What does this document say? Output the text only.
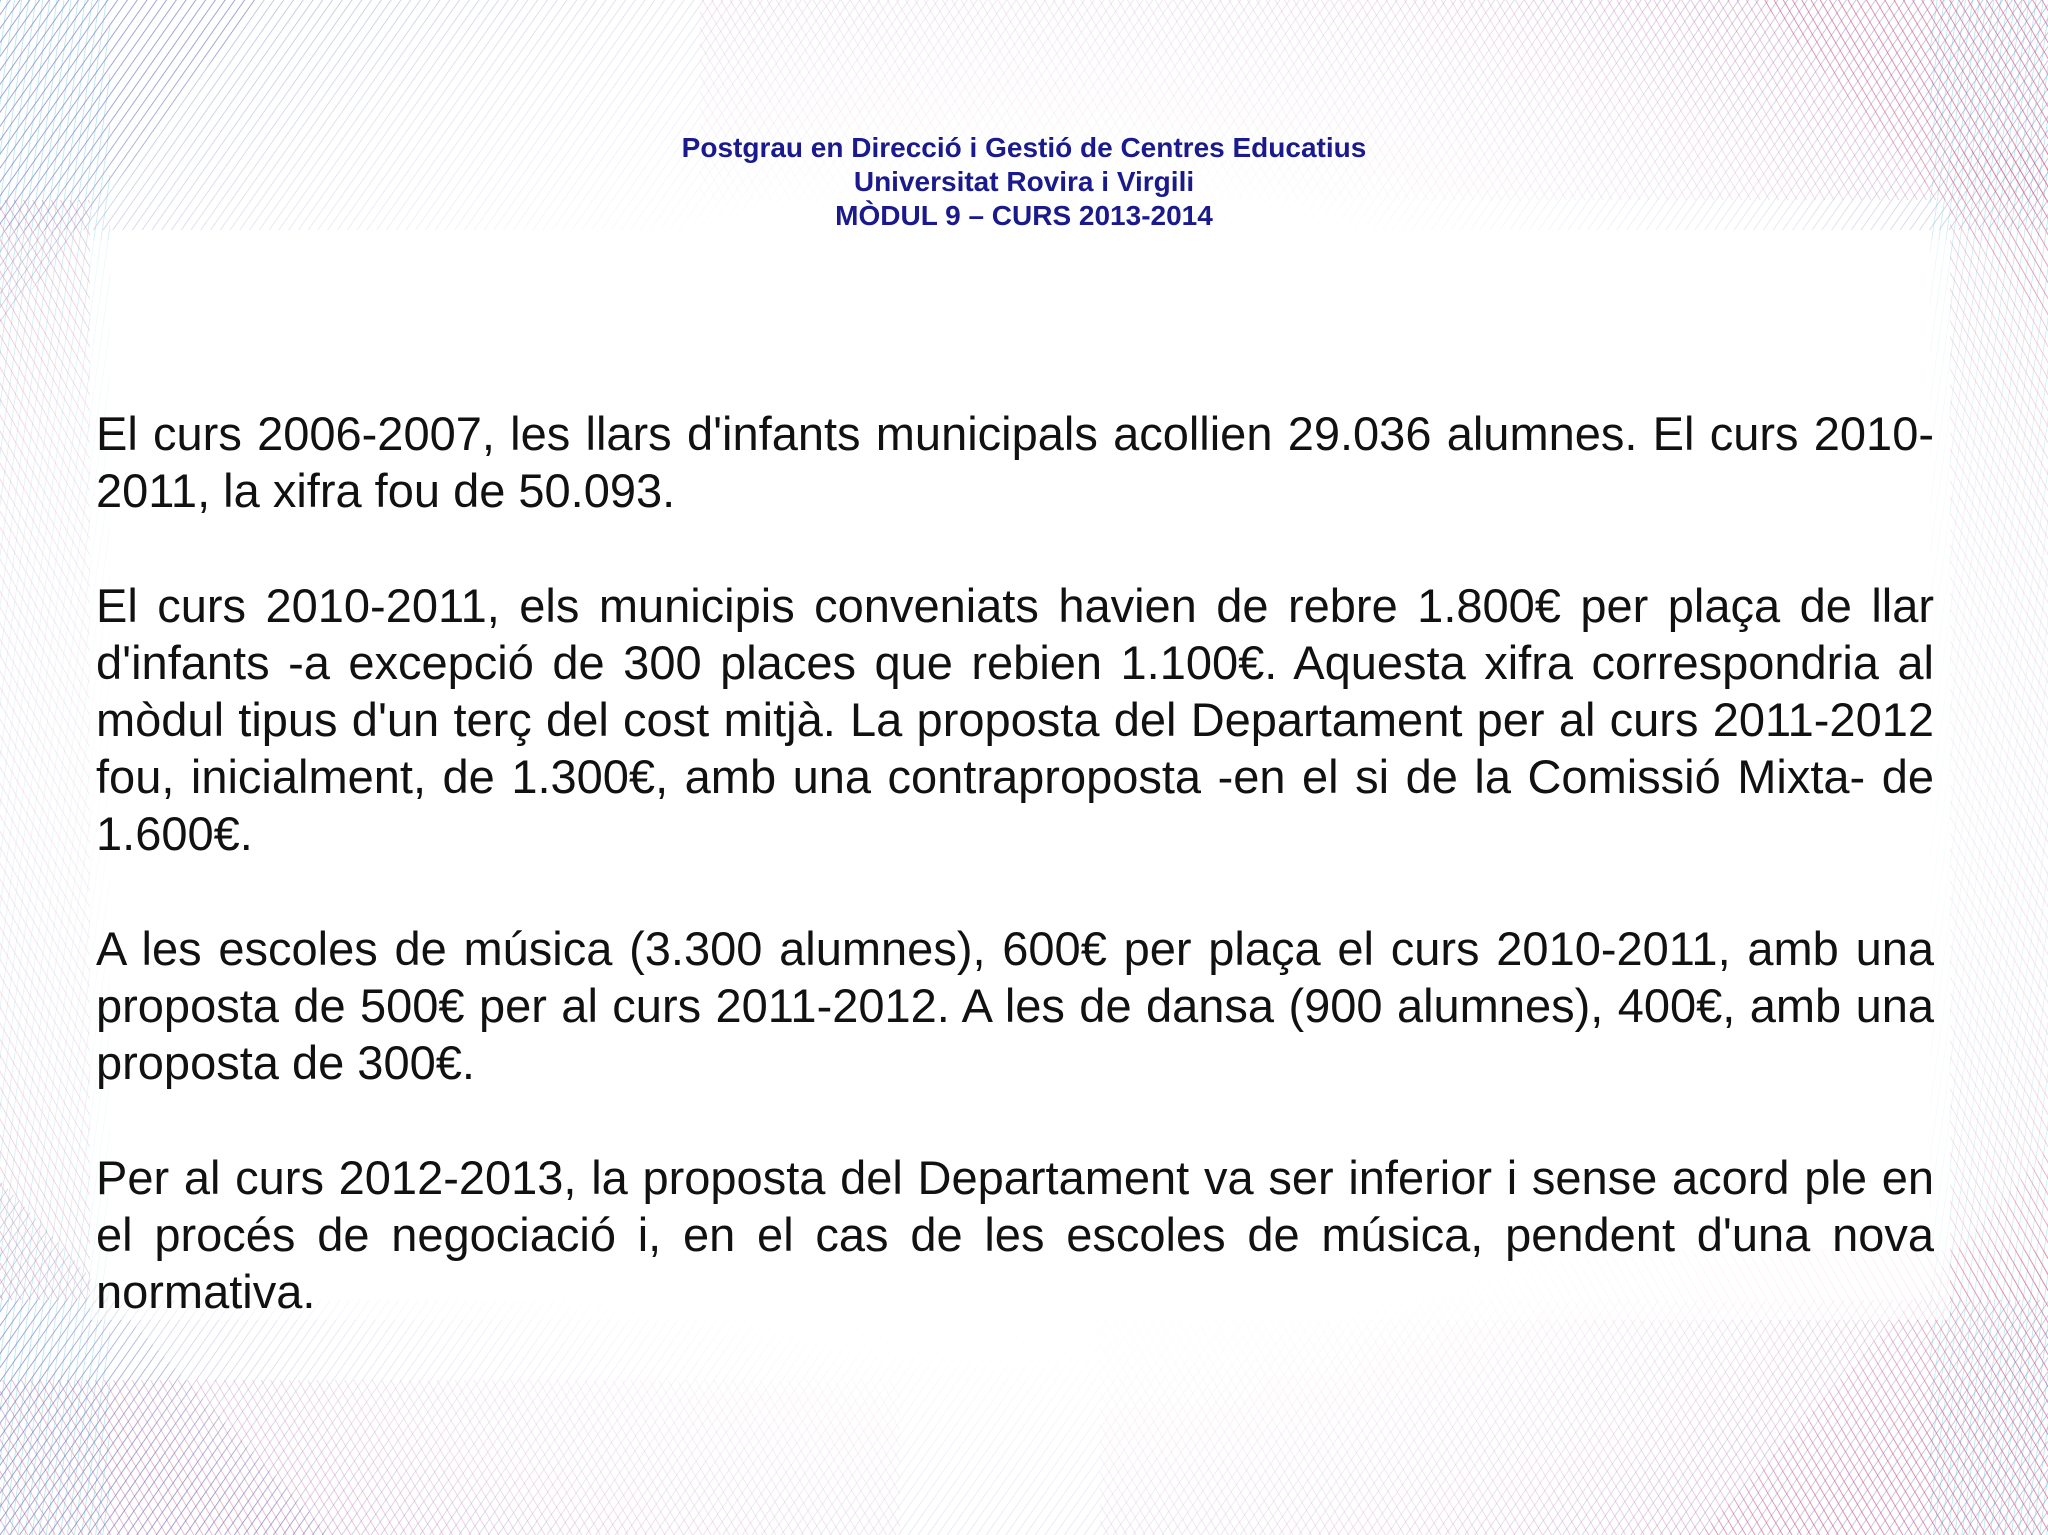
Postgrau en Direcció i Gestió de Centres Educatius
Universitat Rovira i Virgili
MÒDUL 9 – CURS 2013-2014

El curs 2006-2007, les llars d'infants municipals acollien 29.036 alumnes. El curs 2010-2011, la xifra fou de 50.093.

El curs 2010-2011, els municipis conveniats havien de rebre 1.800€ per plaça de llar d'infants -a excepció de 300 places que rebien 1.100€. Aquesta xifra correspondria al mòdul tipus d'un terç del cost mitjà. La proposta del Departament per al curs 2011-2012 fou, inicialment, de 1.300€, amb una contraproposta -en el si de la Comissió Mixta- de 1.600€.

A les escoles de música (3.300 alumnes), 600€ per plaça el curs 2010-2011, amb una proposta de 500€ per al curs 2011-2012. A les de dansa (900 alumnes), 400€, amb una proposta de 300€.

Per al curs 2012-2013, la proposta del Departament va ser inferior i sense acord ple en el procés de negociació i, en el cas de les escoles de música, pendent d'una nova normativa.
